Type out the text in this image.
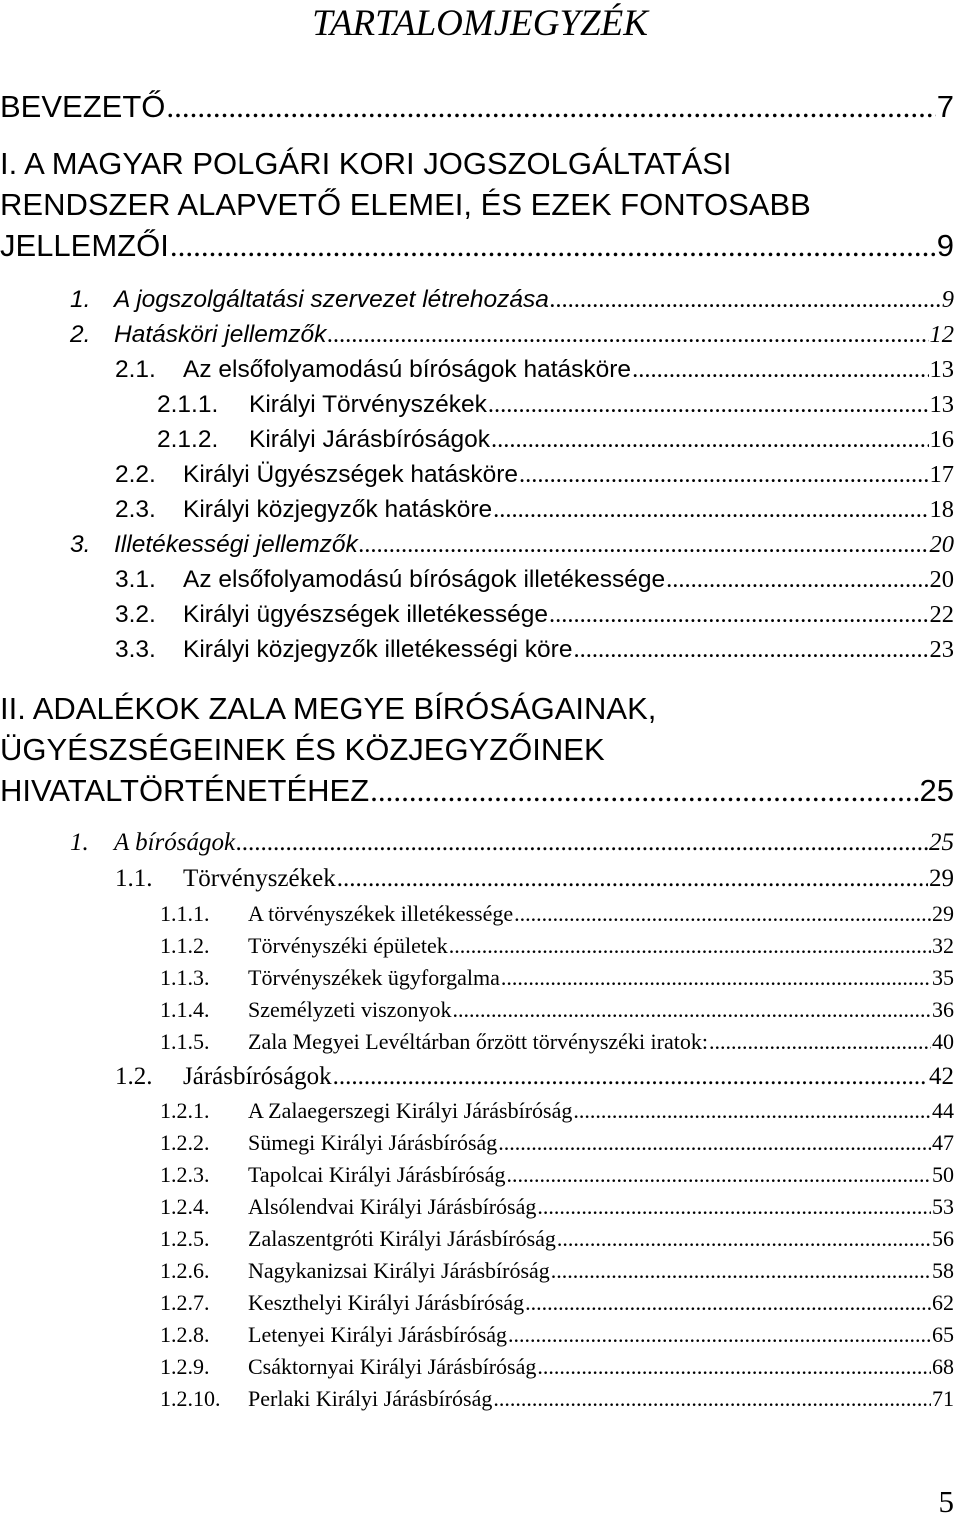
TARTALOMJEGYZÉK
BEVEZETŐ .....	7
I. A MAGYAR POLGÁRI KORI JOGSZOLGÁLTATÁSI
RENDSZER ALAPVETŐ ELEMEI, ÉS EZEK FONTOSABB
JELLEMZŐI .....	9
1. A jogszolgáltatási szervezet létrehozása .....	9
2. Hatásköri jellemzők .....	12
2.1.	Az elsőfolyamodású bíróságok hatásköre .....	13
2.1.1.	Királyi Törvényszékek .....	13
2.1.2.	Királyi Járásbíróságok .....	16
2.2.	Királyi Ügyészségek hatásköre .....	17
2.3.	Királyi közjegyzők hatásköre .....	18
3. Illetékességi jellemzők .....	20
3.1.	Az elsőfolyamodású bíróságok illetékessége .....	20
3.2.	Királyi ügyészségek illetékessége .....	22
3.3.	Királyi közjegyzők illetékességi köre .....	23
II. ADALÉKOK ZALA MEGYE BÍRÓSÁGAINAK,
ÜGYÉSZSÉGEINEK ÉS KÖZJEGYZŐINEK
HIVATALTÖRTÉNETÉHEZ .....	25
1.	A bíróságok .....	25
1.1.	Törvényszékek .....	29
1.1.1.	A törvényszékek illetékessége .....	29
1.1.2.	Törvényszéki épületek .....	32
1.1.3.	Törvényszékek ügyforgalma .....	35
1.1.4.	Személyzeti viszonyok .....	36
1.1.5.	Zala Megyei Levéltárban őrzött törvényszéki iratok: .....	40
1.2.	Járásbíróságok .....	42
1.2.1.	A Zalaegerszegi Királyi Járásbíróság .....	44
1.2.2.	Sümegi Királyi Járásbíróság .....	47
1.2.3.	Tapolcai Királyi Járásbíróság .....	50
1.2.4.	Alsólendvai Királyi Járásbíróság .....	53
1.2.5.	Zalaszentgróti Királyi Járásbíróság .....	56
1.2.6.	Nagykanizsai Királyi Járásbíróság .....	58
1.2.7.	Keszthelyi Királyi Járásbíróság .....	62
1.2.8.	Letenyei Királyi Járásbíróság .....	65
1.2.9.	Csáktornyai Királyi Járásbíróság .....	68
1.2.10.	Perlaki Királyi Járásbíróság .....	71
5
